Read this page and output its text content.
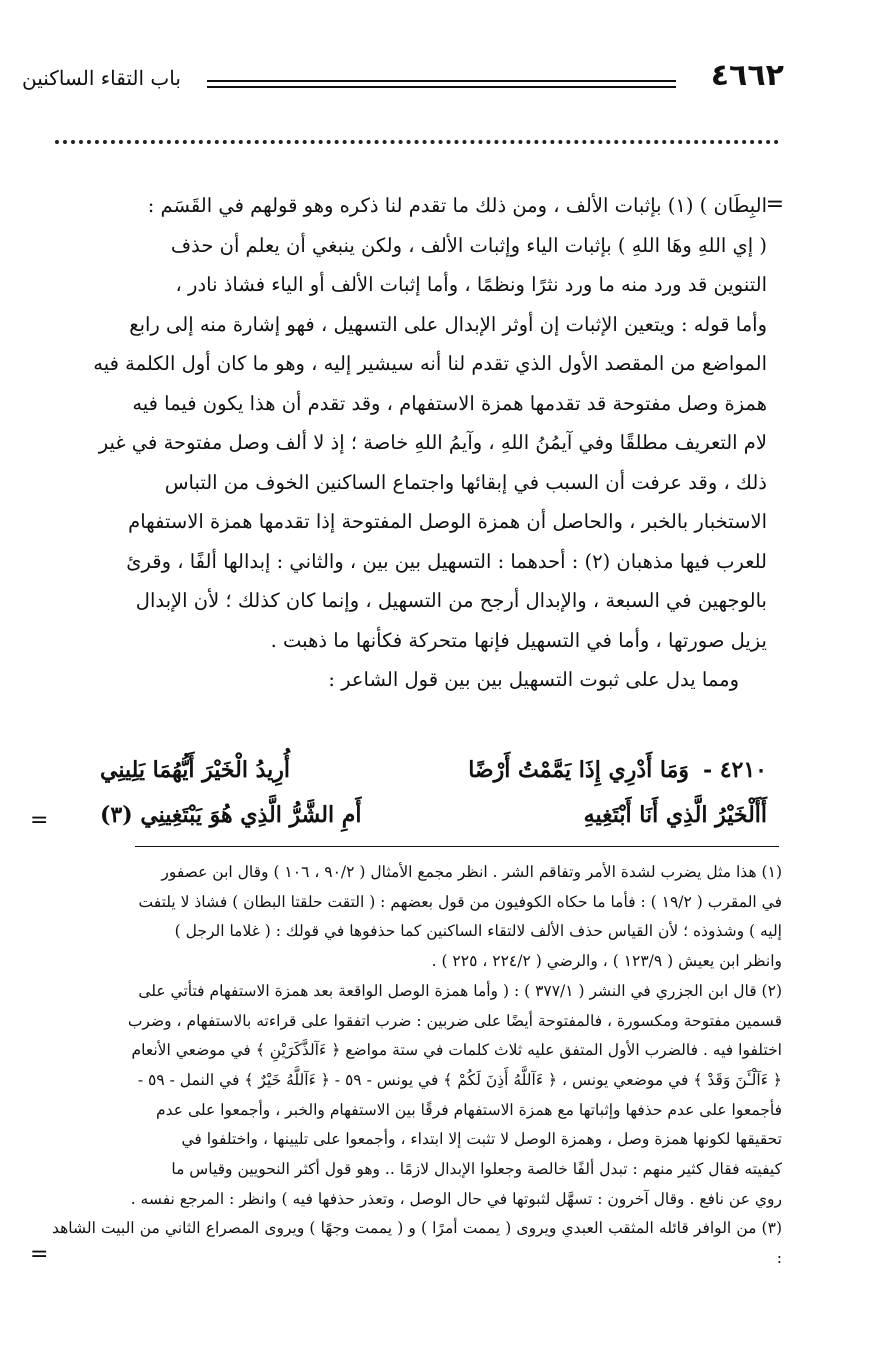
٤٦٦٢
باب التقاء الساكنين
=

البِطَان ) (١) بإثبات الألف ، ومن ذلك ما تقدم لنا ذكره وهو قولهم في القَسَم :

( إي اللهِ وهَا اللهِ ) بإثبات الياء وإثبات الألف ، ولكن ينبغي أن يعلم أن حذف

التنوين قد ورد منه ما ورد نثرًا ونظمًا ، وأما إثبات الألف أو الياء فشاذ نادر ،

وأما قوله : ويتعين الإثبات إن أوثر الإبدال على التسهيل ، فهو إشارة منه إلى رابع

المواضع من المقصد الأول الذي تقدم لنا أنه سيشير إليه ، وهو ما كان أول الكلمة فيه

همزة وصل مفتوحة قد تقدمها همزة الاستفهام ، وقد تقدم أن هذا يكون فيما فيه

لام التعريف مطلقًا وفي آيمُنُ اللهِ ، وآيمُ اللهِ خاصة ؛ إذ لا ألف وصل مفتوحة في غير

ذلك ، وقد عرفت أن السبب في إبقائها واجتماع الساكنين الخوف من التباس

الاستخبار بالخبر ، والحاصل أن همزة الوصل المفتوحة إذا تقدمها همزة الاستفهام

للعرب فيها مذهبان (٢) : أحدهما : التسهيل بين بين ، والثاني : إبدالها ألفًا ، وقرئ

بالوجهين في السبعة ، والإبدال أرجح من التسهيل ، وإنما كان كذلك ؛ لأن الإبدال

يزيل صورتها ، وأما في التسهيل فإنها متحركة فكأنها ما ذهبت .

ومما يدل على ثبوت التسهيل بين بين قول الشاعر :

٤٢١٠ -
وَمَا أَدْرِي إِذَا يَمَّمْتُ أَرْضًا
أُرِيدُ الْخَيْرَ أَيُّهُمَا يَلِينِي
أَأَلْخَيْرُ الَّذِي أَنَا أَبْتَغِيهِ
أَمِ الشَّرُّ الَّذِي هُوَ يَبْتَغِينِي (٣)
=

(١) هذا مثل يضرب لشدة الأمر وتفاقم الشر . انظر مجمع الأمثال ( ٩٠/٢ ، ١٠٦ ) وقال ابن عصفور

في المقرب ( ١٩/٢ ) : فأما ما حكاه الكوفيون من قول بعضهم : ( التقت حلقتا البطان ) فشاذ لا يلتفت

إليه ) وشذوذه ؛ لأن القياس حذف الألف لالتقاء الساكنين كما حذفوها في قولك : ( غلاما الرجل )

وانظر ابن يعيش ( ١٢٣/٩ ) ، والرضي ( ٢٢٤/٢ ، ٢٢٥ ) .

(٢) قال ابن الجزري في النشر ( ٣٧٧/١ ) : ( وأما همزة الوصل الواقعة بعد همزة الاستفهام فتأتي على

قسمين مفتوحة ومكسورة ، فالمفتوحة أيضًا على ضربين : ضرب اتفقوا على قراءته بالاستفهام ، وضرب

اختلفوا فيه . فالضرب الأول المتفق عليه ثلاث كلمات في ستة مواضع ﴿ ءَآلذَّكَرَيْنِ ﴾ في موضعي الأنعام

﴿ ءَآلْـَٔنَ وَقَدْ ﴾ في موضعي يونس ، ﴿ ءَآللَّهُ أَذِنَ لَكُمْ ﴾ في يونس - ٥٩ - ﴿ ءَآللَّهُ خَيْرٌ ﴾ في النمل - ٥٩ -

فأجمعوا على عدم حذفها وإثباتها مع همزة الاستفهام فرقًا بين الاستفهام والخبر ، وأجمعوا على عدم

تحقيقها لكونها همزة وصل ، وهمزة الوصل لا تثبت إلا ابتداء ، وأجمعوا على تليينها ، واختلفوا في

كيفيته فقال كثير منهم : تبدل ألفًا خالصة وجعلوا الإبدال لازمًا .. وهو قول أكثر النحويين وقياس ما

روي عن نافع . وقال آخرون : تسهَّل لثبوتها في حال الوصل ، وتعذر حذفها فيه ) وانظر : المرجع نفسه .

(٣) من الوافر قائله المثقب العبدي ويروى ( يممت أمرًا ) و ( يممت وجهًا ) ويروى المصراع الثاني من البيت الشاهد :

=
